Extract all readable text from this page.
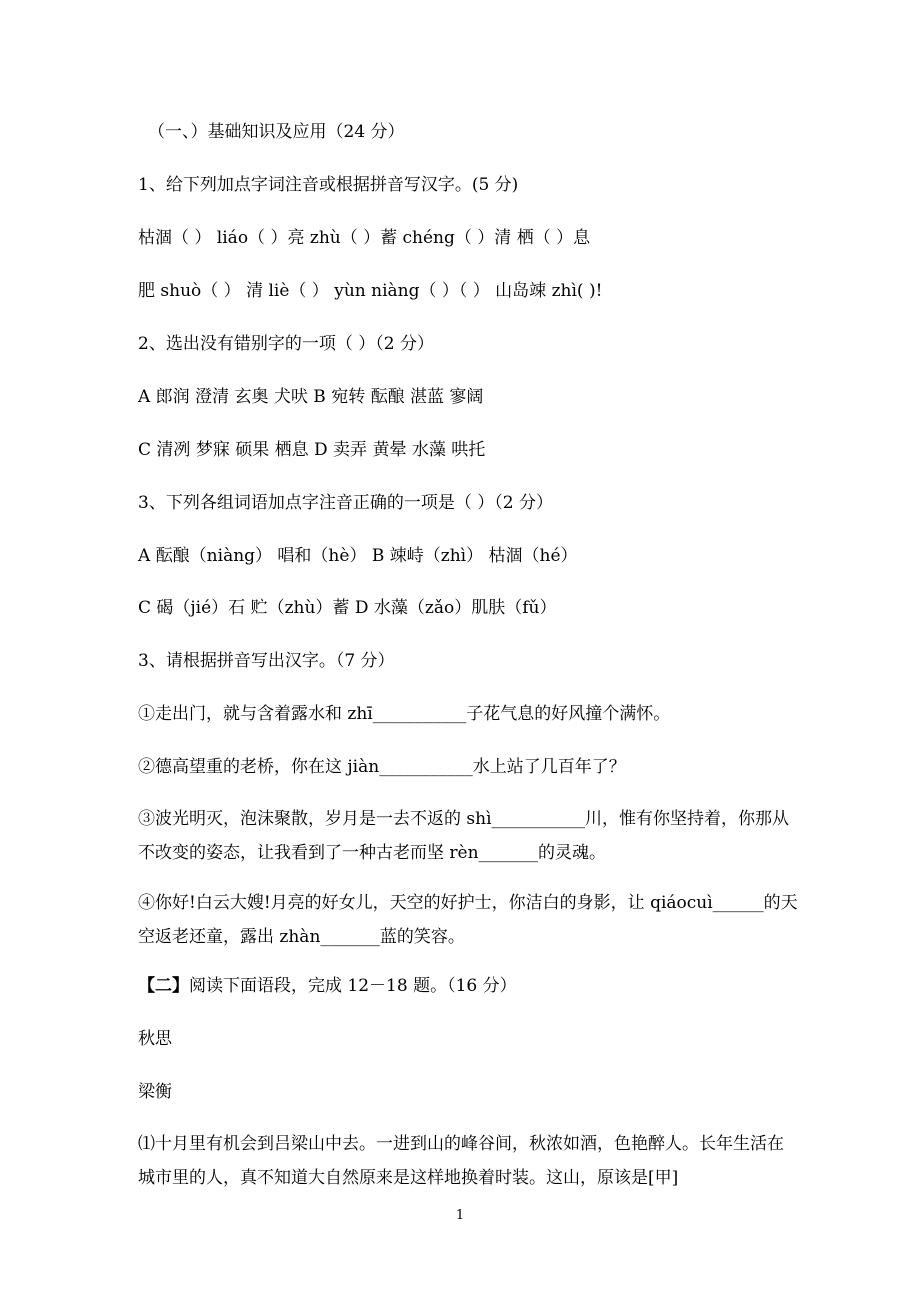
（一、）基础知识及应用（24 分）
1、给下列加点字词注音或根据拼音写汉字。(5 分)
枯涸（ ） liáo（ ）亮 zhù（ ）蓄 chéng（ ）清 栖（ ）息
肥 shuò（ ） 清 liè（ ） yùn niàng（ ）（ ） 山岛竦 zhì( )!
2、选出没有错别字的一项（ ）（2 分）
A 郎润 澄清 玄奥 犬吠 B 宛转 酝酿 湛蓝 寥阔
C 清冽 梦寐 硕果 栖息 D 卖弄 黄晕 水藻 哄托
3、下列各组词语加点字注音正确的一项是（ ）（2 分）
A 酝酿（niàng） 唱和（hè） B 竦峙（zhì） 枯涸（hé）
C 碣（jié）石 贮（zhù）蓄 D 水藻（zǎo）肌肤（fǔ）
3、请根据拼音写出汉字。（7 分）
①走出门，就与含着露水和 zhī___________子花气息的好风撞个满怀。
②德高望重的老桥，你在这 jiàn___________水上站了几百年了？
③波光明灭，泡沫聚散，岁月是一去不返的 shì___________川，惟有你坚持着，你那从不改变的姿态，让我看到了一种古老而坚 rèn_______的灵魂。
④你好!白云大嫂!月亮的好女儿，天空的好护士，你洁白的身影，让 qiáocuì______的天空返老还童，露出 zhàn_______蓝的笑容。
【二】阅读下面语段，完成 12－18 题。（16 分）
秋思
梁衡
⑴十月里有机会到吕梁山中去。一进到山的峰谷间，秋浓如酒，色艳醉人。长年生活在城市里的人，真不知道大自然原来是这样地换着时装。这山，原该是[甲]
1
